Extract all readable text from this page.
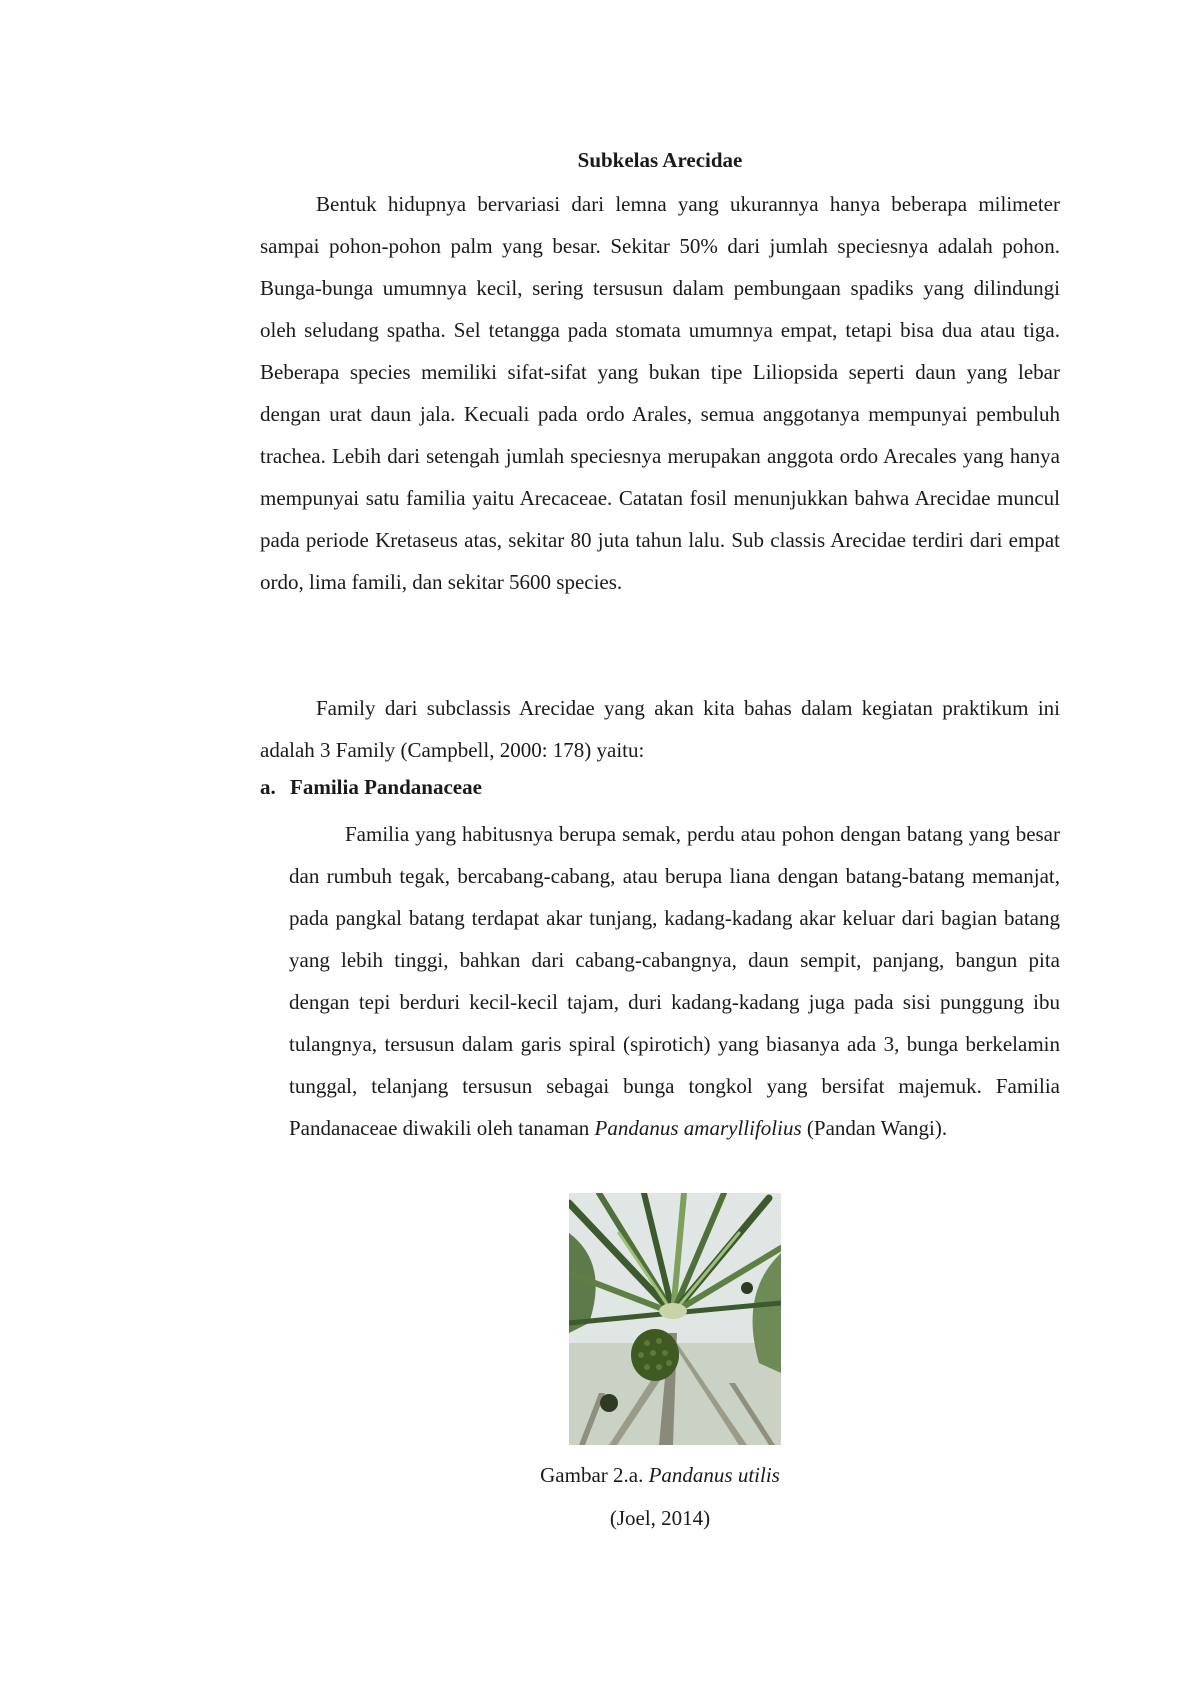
Subkelas Arecidae

Bentuk hidupnya bervariasi dari lemna yang ukurannya hanya beberapa milimeter sampai pohon-pohon palm yang besar. Sekitar 50% dari jumlah speciesnya adalah pohon. Bunga-bunga umumnya kecil, sering tersusun dalam pembungaan spadiks yang dilindungi oleh seludang spatha. Sel tetangga pada stomata umumnya empat, tetapi bisa dua atau tiga. Beberapa species memiliki sifat-sifat yang bukan tipe Liliopsida seperti daun yang lebar dengan urat daun jala. Kecuali pada ordo Arales, semua anggotanya mempunyai pembuluh trachea. Lebih dari setengah jumlah speciesnya merupakan anggota ordo Arecales yang hanya mempunyai satu familia yaitu Arecaceae. Catatan fosil menunjukkan bahwa Arecidae muncul pada periode Kretaseus atas, sekitar 80 juta tahun lalu. Sub classis Arecidae terdiri dari empat ordo, lima famili, dan sekitar 5600 species.

Family dari subclassis Arecidae yang akan kita bahas dalam kegiatan praktikum ini adalah 3 Family (Campbell, 2000: 178) yaitu:

a. Familia Pandanaceae

Familia yang habitusnya berupa semak, perdu atau pohon dengan batang yang besar dan rumbuh tegak, bercabang-cabang, atau berupa liana dengan batang-batang memanjat, pada pangkal batang terdapat akar tunjang, kadang-kadang akar keluar dari bagian batang yang lebih tinggi, bahkan dari cabang-cabangnya, daun sempit, panjang, bangun pita dengan tepi berduri kecil-kecil tajam, duri kadang-kadang juga pada sisi punggung ibu tulangnya, tersusun dalam garis spiral (spirotich) yang biasanya ada 3, bunga berkelamin tunggal, telanjang tersusun sebagai bunga tongkol yang bersifat majemuk. Familia Pandanaceae diwakili oleh tanaman Pandanus amaryllifolius (Pandan Wangi).

Gambar 2.a. Pandanus utilis
(Joel, 2014)
